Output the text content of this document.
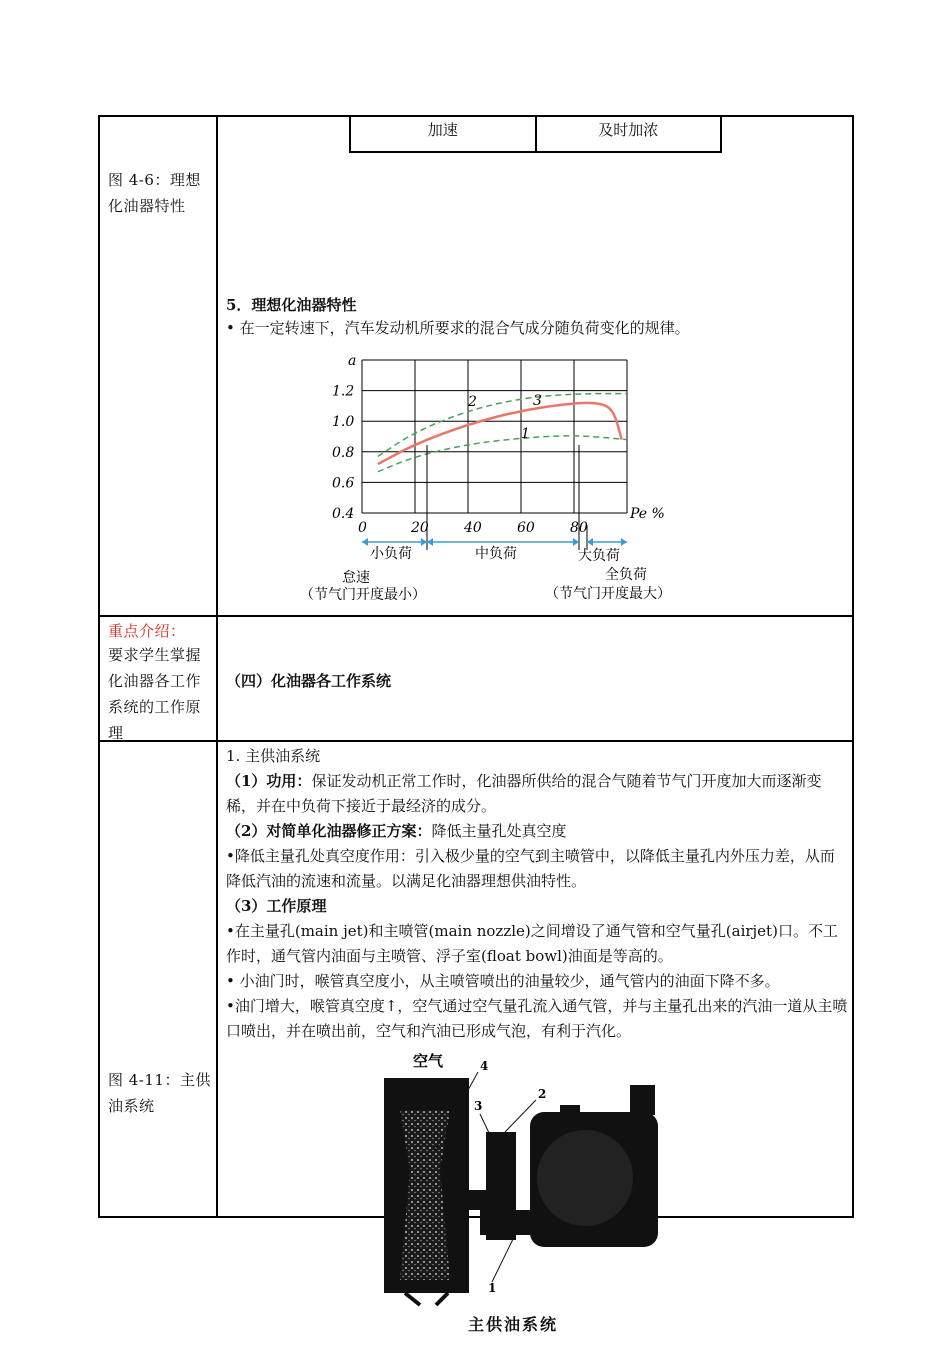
图 4-6：理想化油器特性
加速	及时加浓
5．理想化油器特性
• 在一定转速下，汽车发动机所要求的混合气成分随负荷变化的规律。
1
2	3
1.2
1.0
0.8
0.6
0.4
0	20	40	60	80
a
Pe %
小负荷	中负荷	大负荷
怠速
（节气门开度最小）
全负荷
（节气门开度最大）
重点介绍：
要求学生掌握化油器各工作系统的工作原理
（四）化油器各工作系统
图 4-11：主供油系统
1. 主供油系统
（1）功用：保证发动机正常工作时，化油器所供给的混合气随着节气门开度加大而逐渐变稀，并在中负荷下接近于最经济的成分。
（2）对简单化油器修正方案：降低主量孔处真空度
•降低主量孔处真空度作用：引入极少量的空气到主喷管中，以降低主量孔内外压力差，从而降低汽油的流速和流量。以满足化油器理想供油特性。
（3）工作原理
•在主量孔(main jet)和主喷管(main nozzle)之间增设了通气管和空气量孔(airjet)口。不工作时，通气管内油面与主喷管、浮子室(float bowl)油面是等高的。
• 小油门时，喉管真空度小，从主喷管喷出的油量较少，通气管内的油面下降不多。
•油门增大，喉管真空度↑，空气通过空气量孔流入通气管，并与主量孔出来的汽油一道从主喷口喷出，并在喷出前，空气和汽油已形成气泡，有利于汽化。
空气	4
2
3
1
主供油系统
